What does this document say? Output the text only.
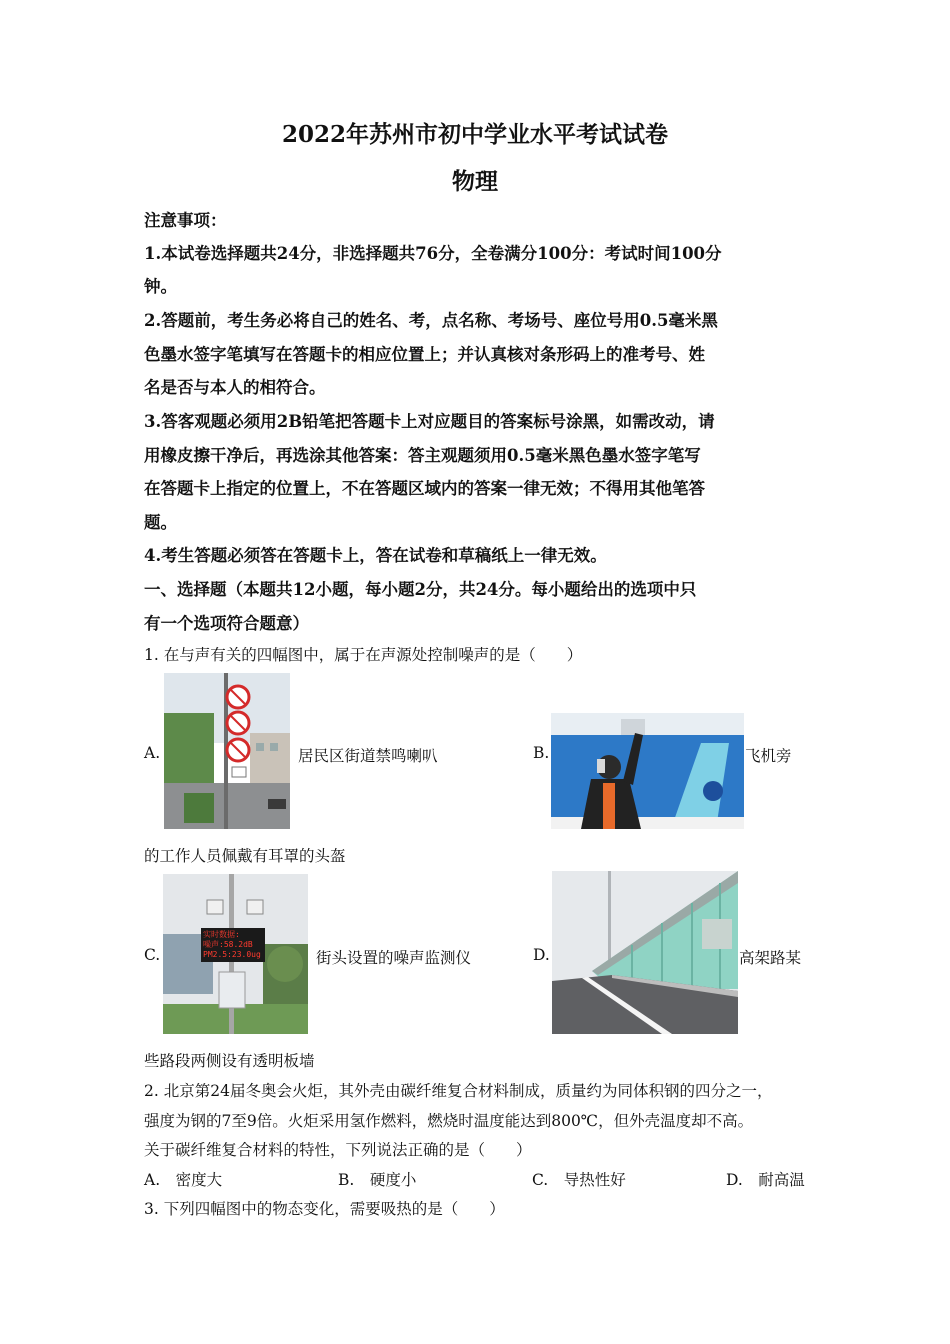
2022年苏州市初中学业水平考试试卷
物理
注意事项：
1.本试卷选择题共24分，非选择题共76分，全卷满分100分：考试时间100分
钟。
2.答题前，考生务必将自己的姓名、考，点名称、考场号、座位号用0.5毫米黑
色墨水签字笔填写在答题卡的相应位置上；并认真核对条形码上的准考号、姓
名是否与本人的相符合。
3.答客观题必须用2B铅笔把答题卡上对应题目的答案标号涂黑，如需改动，请
用橡皮擦干净后，再选涂其他答案：答主观题须用0.5毫米黑色墨水签字笔写
在答题卡上指定的位置上，不在答题区域内的答案一律无效；不得用其他笔答
题。
4.考生答题必须答在答题卡上，答在试卷和草稿纸上一律无效。
一、选择题（本题共12小题，每小题2分，共24分。每小题给出的选项中只
有一个选项符合题意）
1. 在与声有关的四幅图中，属于在声源处控制噪声的是（　　）
A.	居民区街道禁鸣喇叭	B.	飞机旁
的工作人员佩戴有耳罩的头盔
C.
实时数据:
噪声:58.2dB
PM2.5:23.0ug	街头设置的噪声监测仪	D.	高架路某
些路段两侧设有透明板墙
2. 北京第24届冬奥会火炬，其外壳由碳纤维复合材料制成，质量约为同体积钢的四分之一，
强度为钢的7至9倍。火炬采用氢作燃料，燃烧时温度能达到800℃，但外壳温度却不高。
关于碳纤维复合材料的特性，下列说法正确的是（　　）
A.　密度大	B.　硬度小	C.　导热性好	D.　耐高温
3. 下列四幅图中的物态变化，需要吸热的是（　　）
